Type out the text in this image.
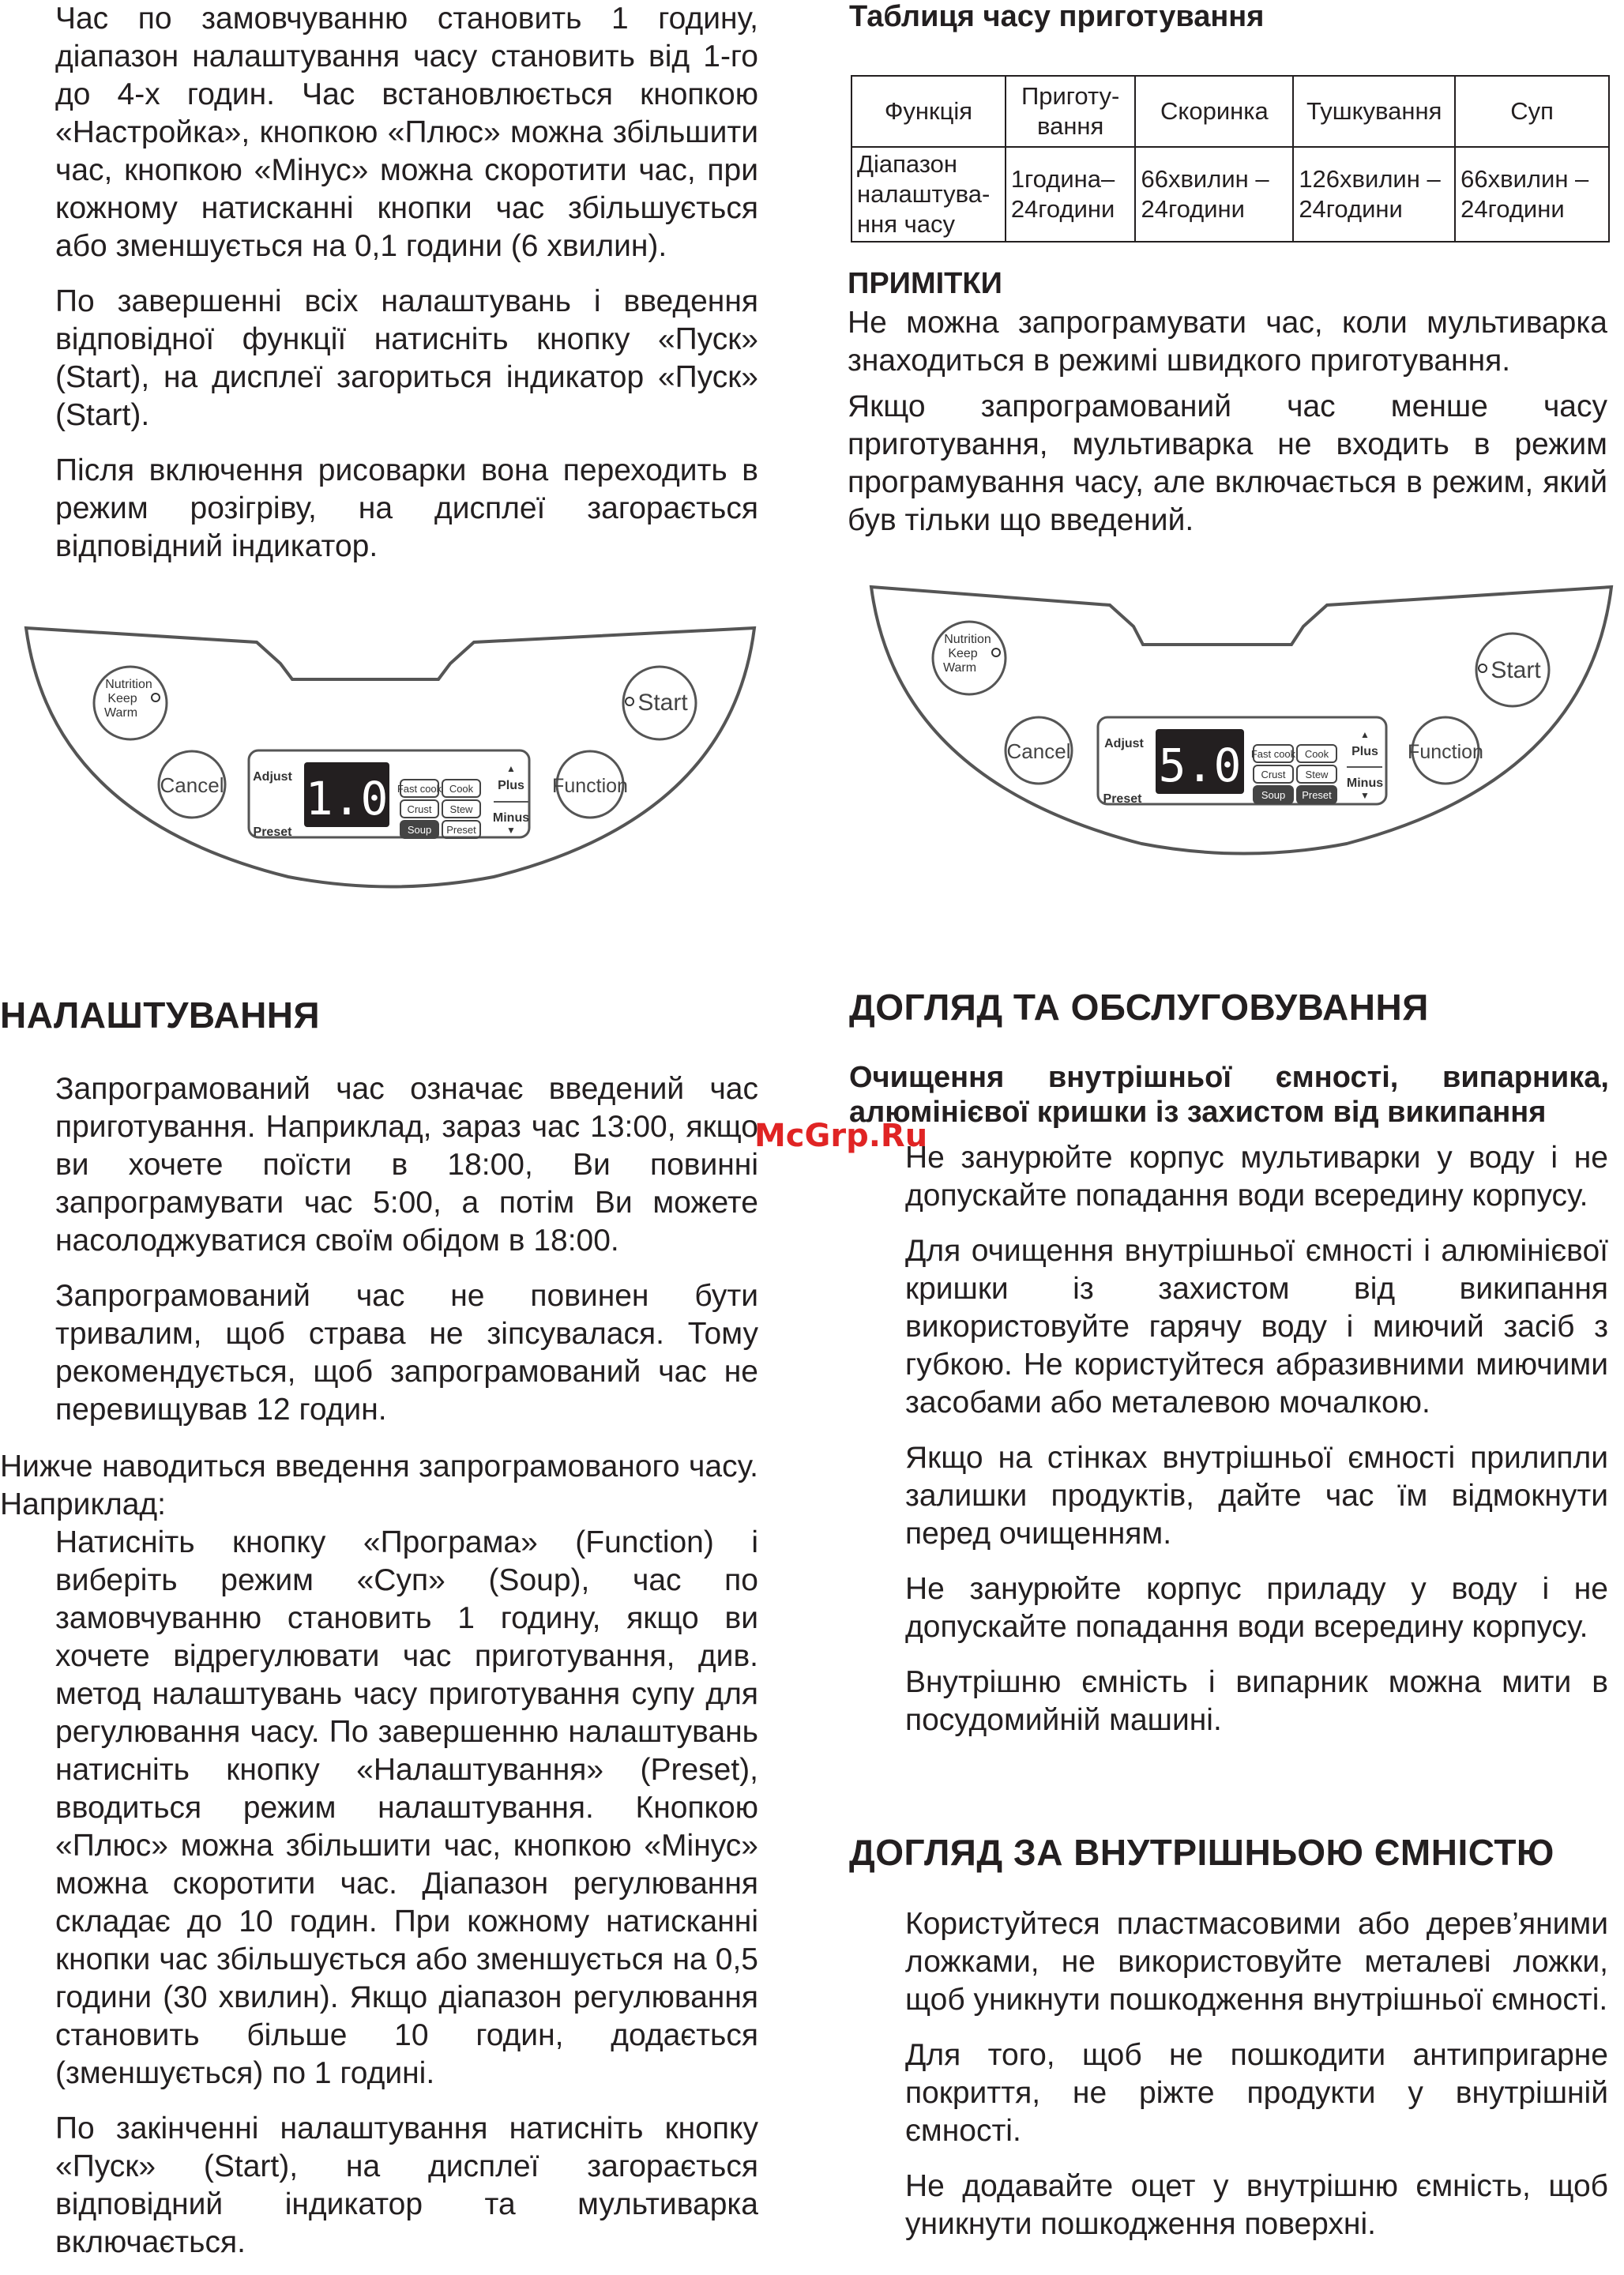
Час по замовчуванню становить 1 годину, діапазон налаштування часу становить від 1-го до 4-х годин. Час встановлюється кнопкою «Настройка», кнопкою «Плюс» можна збільшити час, кнопкою «Мінус» можна скоротити час, при кожному натисканні кнопки час збільшується або зменшується на 0,1 години (6 хвилин).

По завершенні всіх налаштувань і введення відповідної функції натисніть кнопку «Пуск» (Start), на дисплеї загориться індикатор «Пуск» (Start).

Після включення рисоварки вона переходить в режим розігріву, на дисплеї загорається відповідний індикатор.

Nutrition
Keep
Warm	Start
Cancel	Function
Adjust
Preset
1.0 Fast cook Cook
Crust Stew
Soup Preset
▲
Plus
Minus
▼
НАЛАШТУВАННЯ

Запрограмований час означає введений час приготування. Наприклад, зараз час 13:00, якщо ви хочете поїсти в 18:00, Ви повинні запрограмувати час 5:00, а потім Ви можете насолоджуватися своїм обідом в 18:00.

Запрограмований час не повинен бути тривалим, щоб страва не зіпсувалася. Тому рекомендується, щоб запрограмований час не перевищував 12 годин.

Нижче наводиться введення запрограмованого часу. Наприклад:

Натисніть кнопку «Програма» (Function) і виберіть режим «Суп» (Soup), час по замовчуванню становить 1 годину, якщо ви хочете відрегулювати час приготування, див. метод налаштувань часу приготування супу для регулювання часу. По завершенню налаштувань натисніть кнопку «Налаштування» (Preset), вводиться режим налаштування. Кнопкою «Плюс» можна збільшити час, кнопкою «Мінус» можна скоротити час. Діапазон регулювання складає до 10 годин. При кожному натисканні кнопки час збільшується або зменшується на 0,5 години (30 хвилин). Якщо діапазон регулювання становить більше 10 годин, додається (зменшується) по 1 годині.

По закінченні налаштування натисніть кнопку «Пуск» (Start), на дисплеї загорається відповідний індикатор та мультиварка включається.

Таблиця часу приготування

Функція	Приготу-вання	Скоринка	Тушкування	Суп
Діапазон налаштува-ння часу	1година– 24години	66хвилин – 24години	126хвилин – 24години	66хвилин – 24години

ПРИМІТКИ

Не можна запрограмувати час, коли мультиварка знаходиться в режимі швидкого приготування.

Якщо запрограмований час менше часу приготування, мультиварка не входить в режим програмування часу, але включається в режим, який був тільки що введений.

Nutrition
Keep
Warm	Start
Cancel	Function
Adjust
Preset
5.0 Fast cook Cook
Crust Stew
Soup Preset
▲
Plus
Minus
▼
ДОГЛЯД ТА ОБСЛУГОВУВАННЯ

Очищення внутрішньої ємності, випарника, алюмінієвої кришки із захистом від википання

Не занурюйте корпус мультиварки у воду і не допускайте попадання води всередину корпусу.

Для очищення внутрішньої ємності і алюмінієвої кришки із захистом від википання використовуйте гарячу воду і миючий засіб з губкою. Не користуйтеся абразивними миючими засобами або металевою мочалкою.

Якщо на стінках внутрішньої ємності прилипли залишки продуктів, дайте час їм відмокнути перед очищенням.

Не занурюйте корпус приладу у воду і не допускайте попадання води всередину корпусу.

Внутрішню ємність і випарник можна мити в посудомийній машині.

ДОГЛЯД ЗА ВНУТРІШНЬОЮ ЄМНІСТЮ

Користуйтеся пластмасовими або дерев’яними ложками, не використовуйте металеві ложки, щоб уникнути пошкодження внутрішньої ємності.

Для того, щоб не пошкодити антипригарне покриття, не ріжте продукти у внутрішній ємності.

Не додавайте оцет у внутрішню ємність, щоб уникнути пошкодження поверхні.

McGrp.Ru
